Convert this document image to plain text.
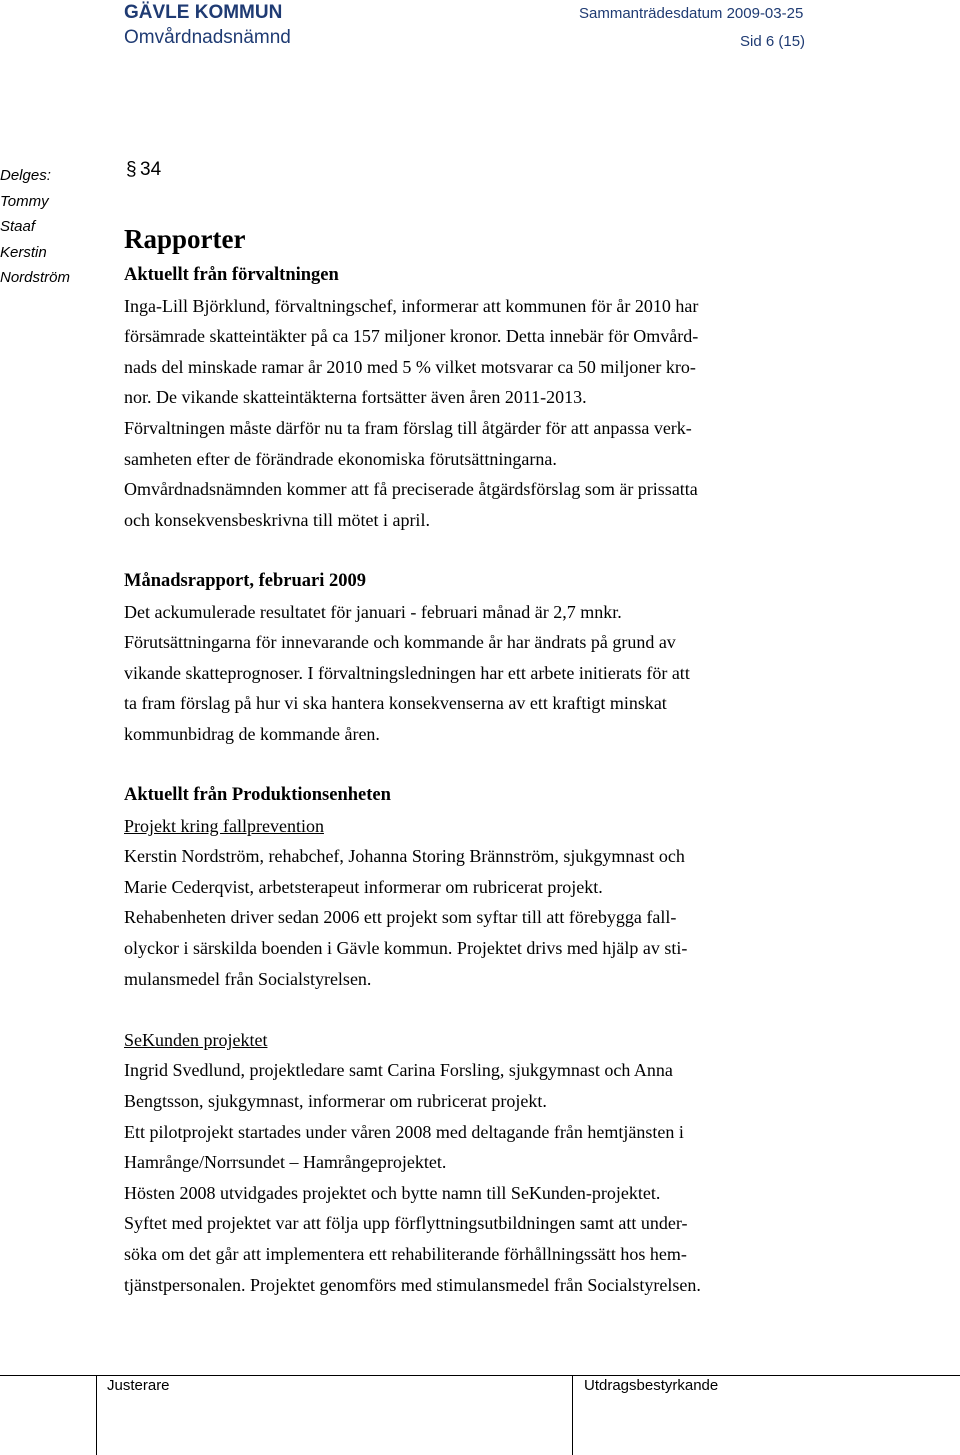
GÄVLE KOMMUN
Omvårdnadsnämnd
Sammanträdesdatum 2009-03-25
Sid 6 (15)
Delges:
Tommy
Staaf
Kerstin
Nordström
§ 34
Rapporter
Aktuellt från förvaltningen

Inga-Lill Björklund, förvaltningschef, informerar att kommunen för år 2010 har

försämrade skatteintäkter på ca 157 miljoner kronor. Detta innebär för Omvård-

nads del minskade ramar år 2010 med 5 % vilket motsvarar ca 50 miljoner kro-

nor. De vikande skatteintäkterna fortsätter även åren 2011-2013.

Förvaltningen måste därför nu ta fram förslag till åtgärder för att anpassa verk-

samheten efter de förändrade ekonomiska förutsättningarna.

Omvårdnadsnämnden kommer att få preciserade åtgärdsförslag som är prissatta

och konsekvensbeskrivna till mötet i april.

Månadsrapport, februari 2009

Det ackumulerade resultatet för januari - februari månad är 2,7 mnkr.

Förutsättningarna för innevarande och kommande år har ändrats på grund av

vikande skatteprognoser. I förvaltningsledningen har ett arbete initierats för att

ta fram förslag på hur vi ska hantera konsekvenserna av ett kraftigt minskat

kommunbidrag de kommande åren.

Aktuellt från Produktionsenheten

Projekt kring fallprevention

Kerstin Nordström, rehabchef, Johanna Storing Brännström, sjukgymnast och

Marie Cederqvist, arbetsterapeut informerar om rubricerat projekt.

Rehabenheten driver sedan 2006 ett projekt som syftar till att förebygga fall-

olyckor i särskilda boenden i Gävle kommun. Projektet drivs med hjälp av sti-

mulansmedel från Socialstyrelsen.

SeKunden projektet

Ingrid Svedlund, projektledare samt Carina Forsling, sjukgymnast och Anna

Bengtsson, sjukgymnast, informerar om rubricerat projekt.

Ett pilotprojekt startades under våren 2008 med deltagande från hemtjänsten i

Hamrånge/Norrsundet – Hamrångeprojektet.

Hösten 2008 utvidgades projektet och bytte namn till SeKunden-projektet.

Syftet med projektet var att följa upp förflyttningsutbildningen samt att under-

söka om det går att implementera ett rehabiliterande förhållningssätt hos hem-

tjänstpersonalen. Projektet genomförs med stimulansmedel från Socialstyrelsen.

Justerare	Utdragsbestyrkande
